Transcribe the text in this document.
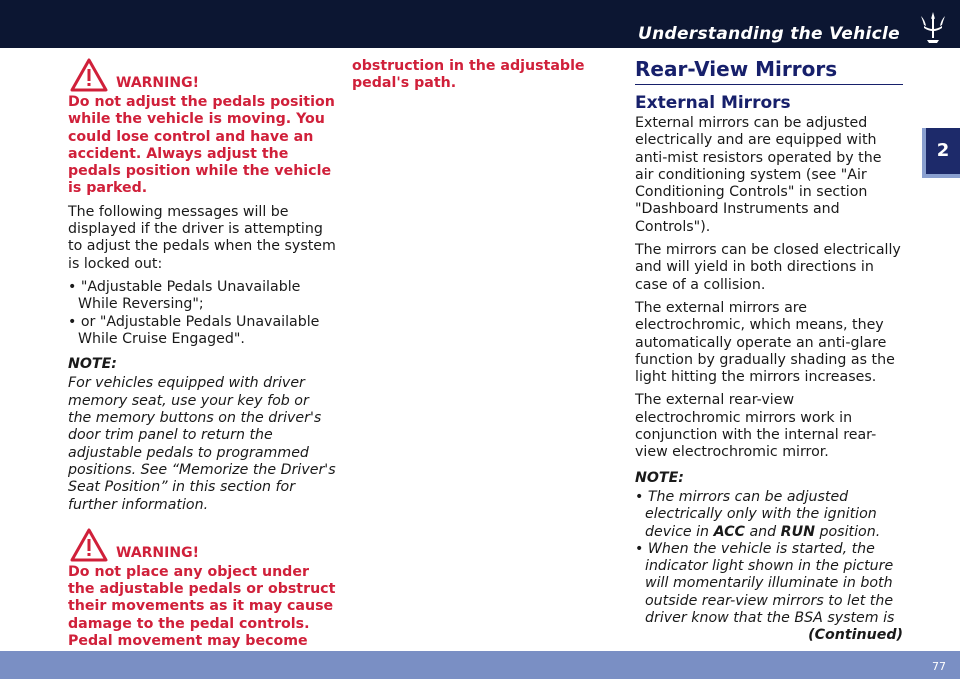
Understanding the Vehicle
2
WARNING!

Do not adjust the pedals position while the vehicle is moving. You could lose control and have an accident. Always adjust the pedals position while the vehicle is parked.

The following messages will be displayed if the driver is attempting to adjust the pedals when the system is locked out:

• "Adjustable Pedals Unavailable While Reversing";

• or "Adjustable Pedals Unavailable While Cruise Engaged".

NOTE:

For vehicles equipped with driver memory seat, use your key fob or the memory buttons on the driver's door trim panel to return the adjustable pedals to programmed positions. See “Memorize the Driver's Seat Position” in this section for further information.

WARNING!

Do not place any object under the adjustable pedals or obstruct their movements as it may cause damage to the pedal controls. Pedal movement may become

obstruction in the adjustable pedal's path.

Rear-View Mirrors
External Mirrors

External mirrors can be adjusted electrically and are equipped with anti-mist resistors operated by the air conditioning system (see "Air Conditioning Controls" in section "Dashboard Instruments and Controls").

The mirrors can be closed electrically and will yield in both directions in case of a collision.

The external mirrors are electrochromic, which means, they automatically operate an anti-glare function by gradually shading as the light hitting the mirrors increases.

The external rear-view electrochromic mirrors work in conjunction with the internal rear-view electrochromic mirror.

NOTE:

• The mirrors can be adjusted electrically only with the ignition device in ACC and RUN position.

• When the vehicle is started, the indicator light shown in the picture will momentarily illuminate in both outside rear-view mirrors to let the driver know that the BSA system is

(Continued)

77
